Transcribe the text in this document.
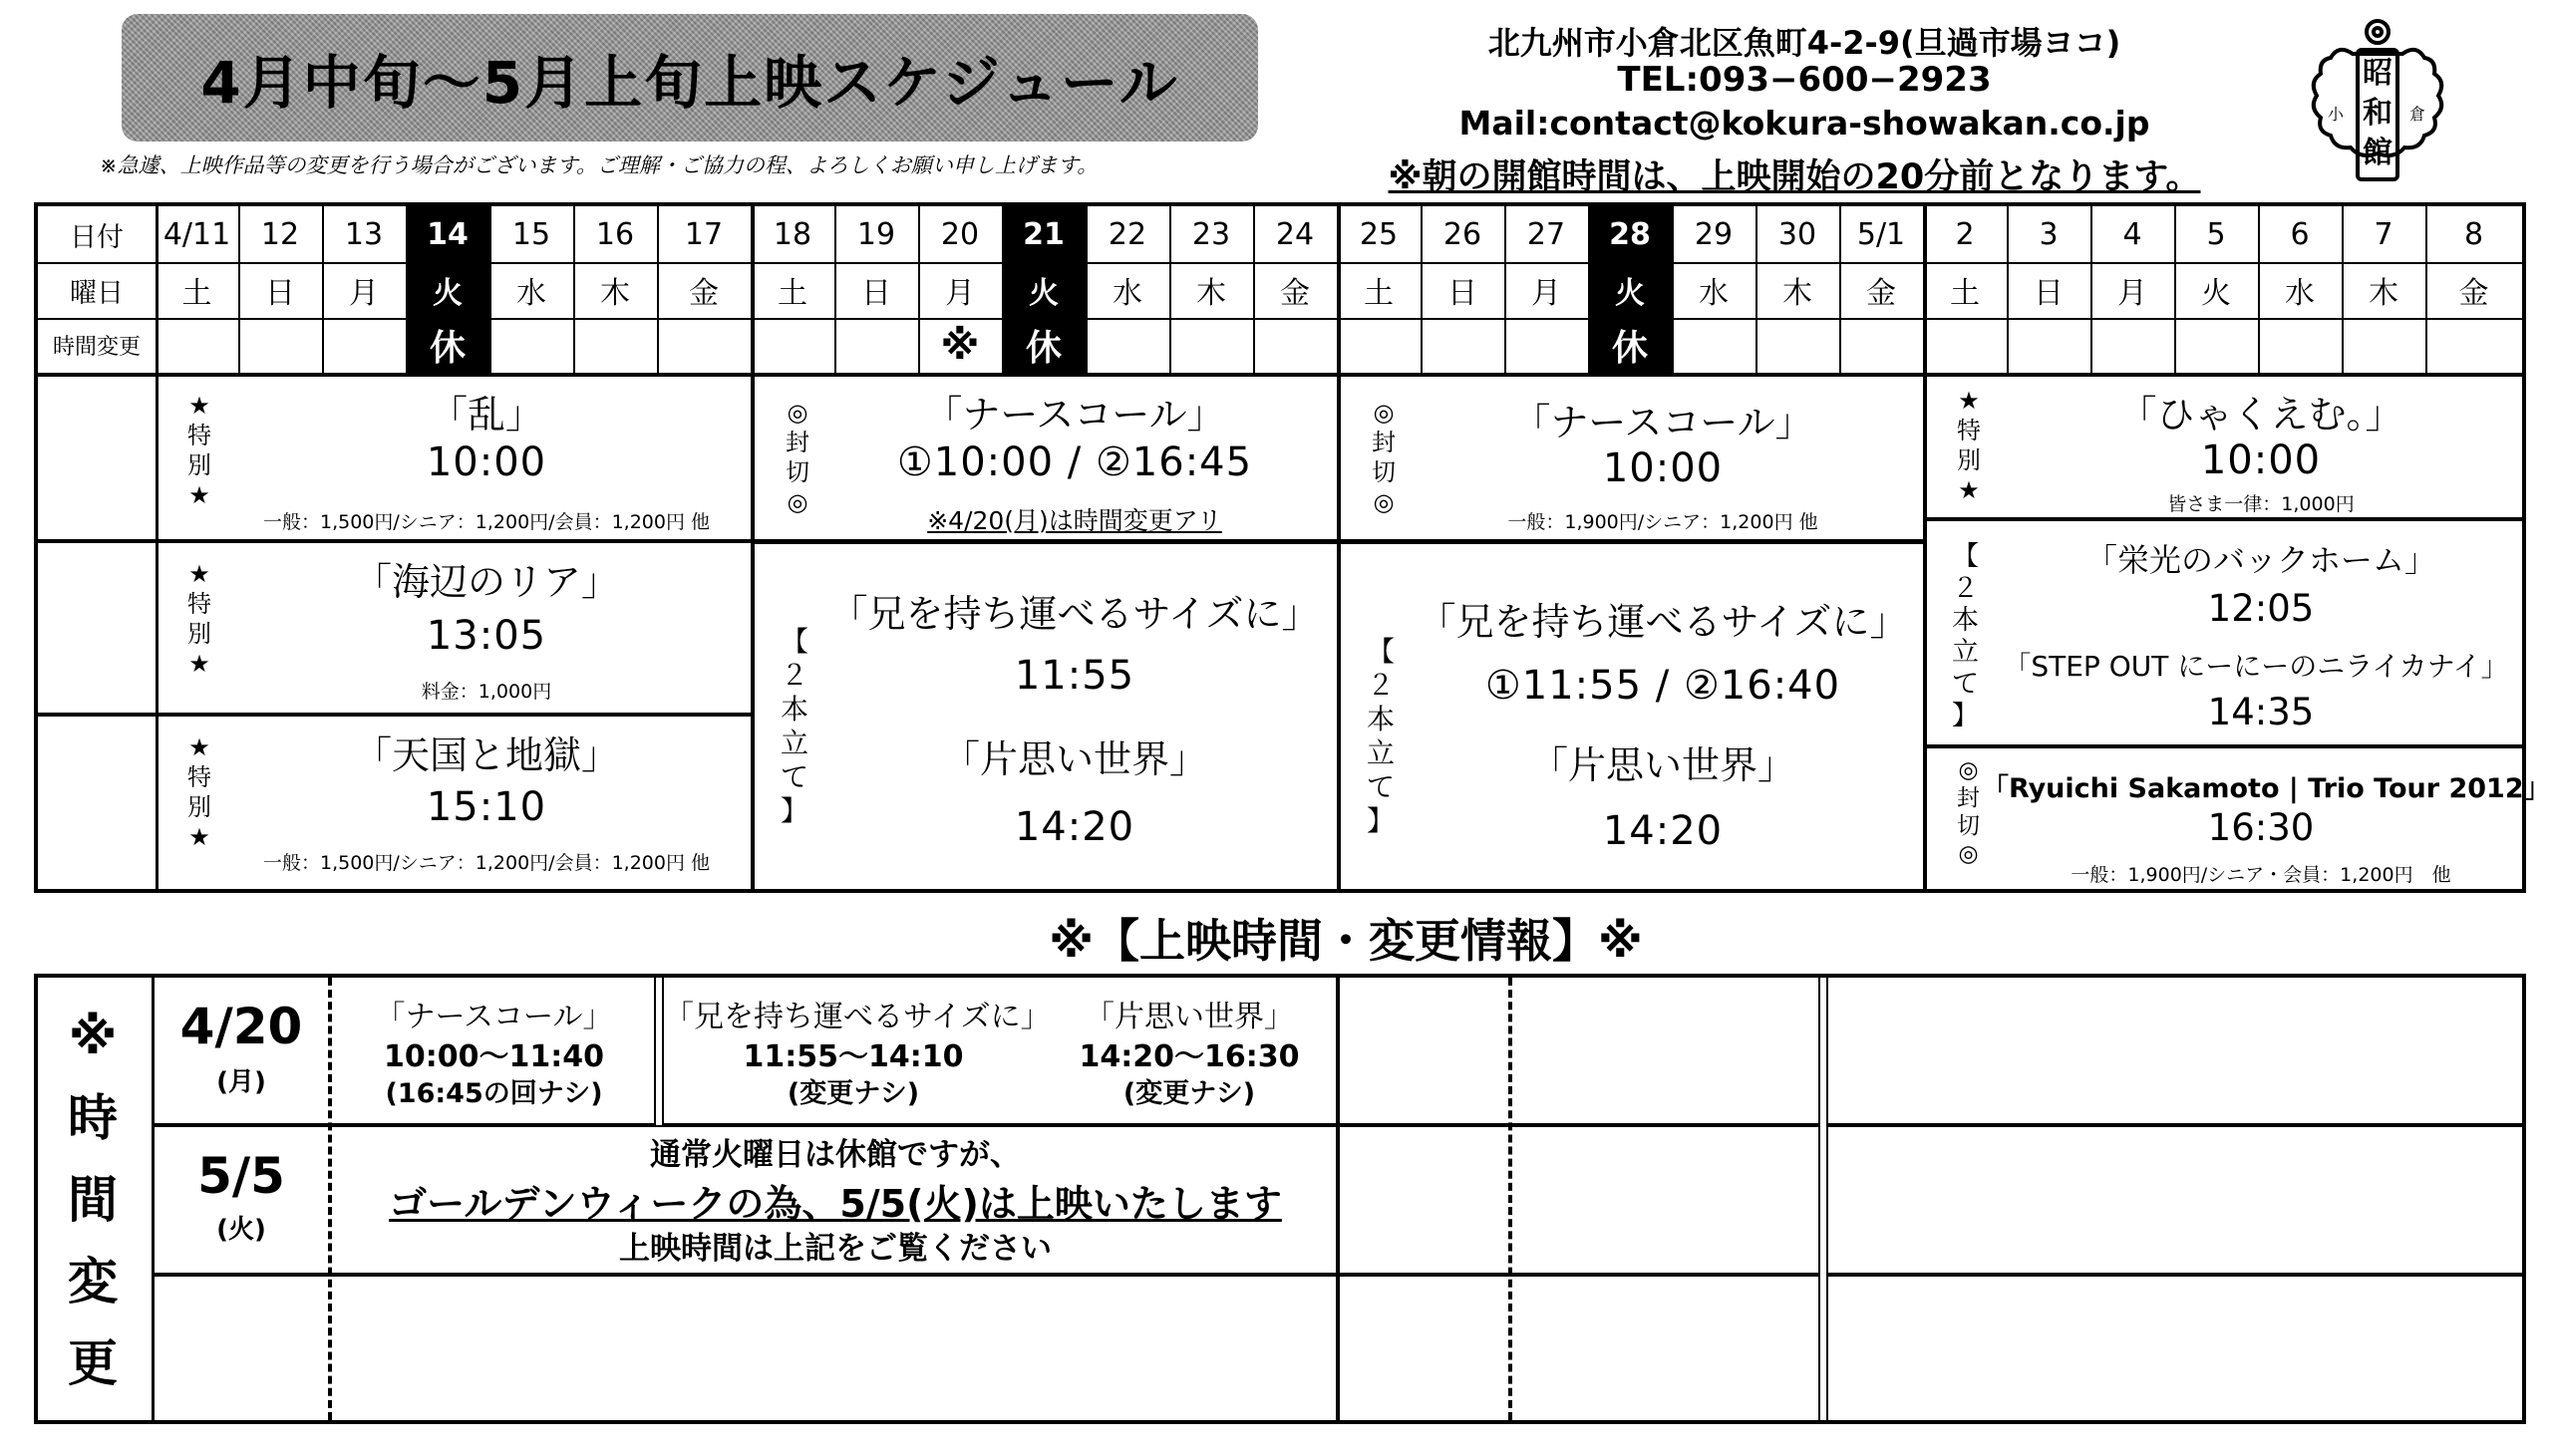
4月中旬〜5月上旬上映スケジュール
※急遽、上映作品等の変更を行う場合がございます。ご理解・ご協力の程、よろしくお願い申し上げます。
北九州市小倉北区魚町4-2-9(旦過市場ヨコ)
TEL:093−600−2923
Mail:contact@kokura-showakan.co.jp
※朝の開館時間は、上映開始の20分前となります。
昭
和
館
小	倉
日付
曜日
時間変更
4/11
土
12
日
13
月
14
火
休
15
水
16
木
17
金
18
土
19
日
20
月
※
21
火
休
22
水
23
木
24
金
25
土
26
日
27
月
28
火
休
29
水
30
木
5/1
金
2
土
3
日
4
月
5
火
6
水
7
木
8
金
★
特
別
★
「乱」
10:00
一般：1,500円/シニア：1,200円/会員：1,200円 他
★
特
別
★
「海辺のリア」
13:05
料金：1,000円
★
特
別
★
「天国と地獄」
15:10
一般：1,500円/シニア：1,200円/会員：1,200円 他
◎
封
切
◎
「ナースコール」
①10:00 / ②16:45
※4/20(月)は時間変更アリ
【
２
本
立
て
】
「兄を持ち運べるサイズに」
11:55
「片思い世界」
14:20
◎
封
切
◎
「ナースコール」
10:00
一般：1,900円/シニア：1,200円 他
【
２
本
立
て
】
「兄を持ち運べるサイズに」
①11:55 / ②16:40
「片思い世界」
14:20
★
特
別
★
「ひゃくえむ。」
10:00
皆さま一律：1,000円
【
２
本
立
て
】
「栄光のバックホーム」
12:05
「STEP OUT にーにーのニライカナイ」
14:35
◎
封
切
◎
「Ryuichi Sakamoto | Trio Tour 2012」
16:30
一般：1,900円/シニア・会員：1,200円　他
※【上映時間・変更情報】※
※
時
間
変
更
4/20
(月)
「ナースコール」
10:00〜11:40
(16:45の回ナシ)
「兄を持ち運べるサイズに」
11:55〜14:10
(変更ナシ)
「片思い世界」
14:20〜16:30
(変更ナシ)
5/5
(火)
通常火曜日は休館ですが、
ゴールデンウィークの為、5/5(火)は上映いたします
上映時間は上記をご覧ください
